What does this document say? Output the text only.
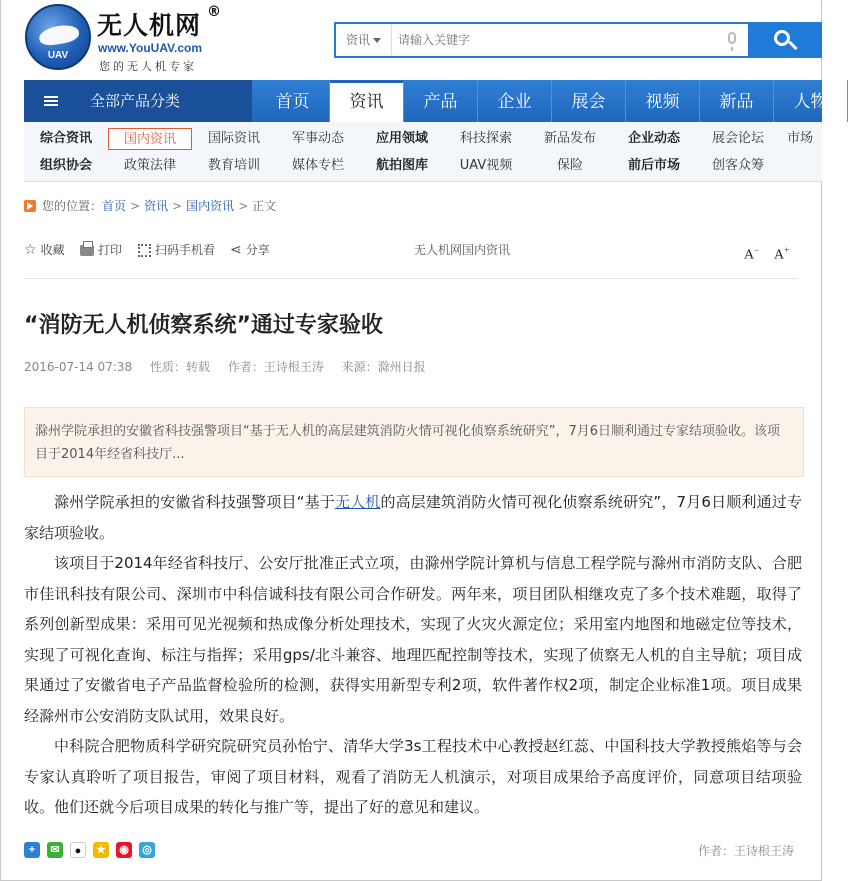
UAV
无人机网 ®
www.YouUAV.com
您的无人机专家
资讯
请输入关键字
全部产品分类	首页	资讯	产品	企业	展会	视频	新品	人物
综合资讯	国内资讯	国际资讯	军事动态	应用领域	科技探索	新品发布	企业动态	展会论坛	市场
组织协会	政策法律	教育培训	媒体专栏	航拍图库	UAV视频	保险	前后市场	创客众筹
您的位置： 首页 > 资讯 > 国内资讯 > 正文
☆ 收藏	打印	扫码手机看 ⋖ 分享	无人机网国内资讯	A− A+
“消防无人机侦察系统”通过专家验收
2016-07-14 07:38 性质：转载 作者：王诗根王涛 来源：滁州日报
滁州学院承担的安徽省科技强警项目“基于无人机的高层建筑消防火情可视化侦察系统研究”，7月6日顺利通过专家结项验收。该项目于2014年经省科技厅...

滁州学院承担的安徽省科技强警项目“基于无人机的高层建筑消防火情可视化侦察系统研究”，7月6日顺利通过专家结项验收。

该项目于2014年经省科技厅、公安厅批准正式立项，由滁州学院计算机与信息工程学院与滁州市消防支队、合肥市佳讯科技有限公司、深圳市中科信诚科技有限公司合作研发。两年来，项目团队相继攻克了多个技术难题，取得了系列创新型成果：采用可见光视频和热成像分析处理技术，实现了火灾火源定位；采用室内地图和地磁定位等技术，实现了可视化查询、标注与指挥；采用gps/北斗兼容、地理匹配控制等技术，实现了侦察无人机的自主导航；项目成果通过了安徽省电子产品监督检验所的检测，获得实用新型专利2项，软件著作权2项，制定企业标准1项。项目成果经滁州市公安消防支队试用，效果良好。

中科院合肥物质科学研究院研究员孙怡宁、清华大学3s工程技术中心教授赵红蕊、中国科技大学教授熊焰等与会专家认真聆听了项目报告，审阅了项目材料，观看了消防无人机演示，对项目成果给予高度评价，同意项目结项验收。他们还就今后项目成果的转化与推广等，提出了好的意见和建议。

+	✉	●	★ ◉ ◎	作者：王诗根王涛
